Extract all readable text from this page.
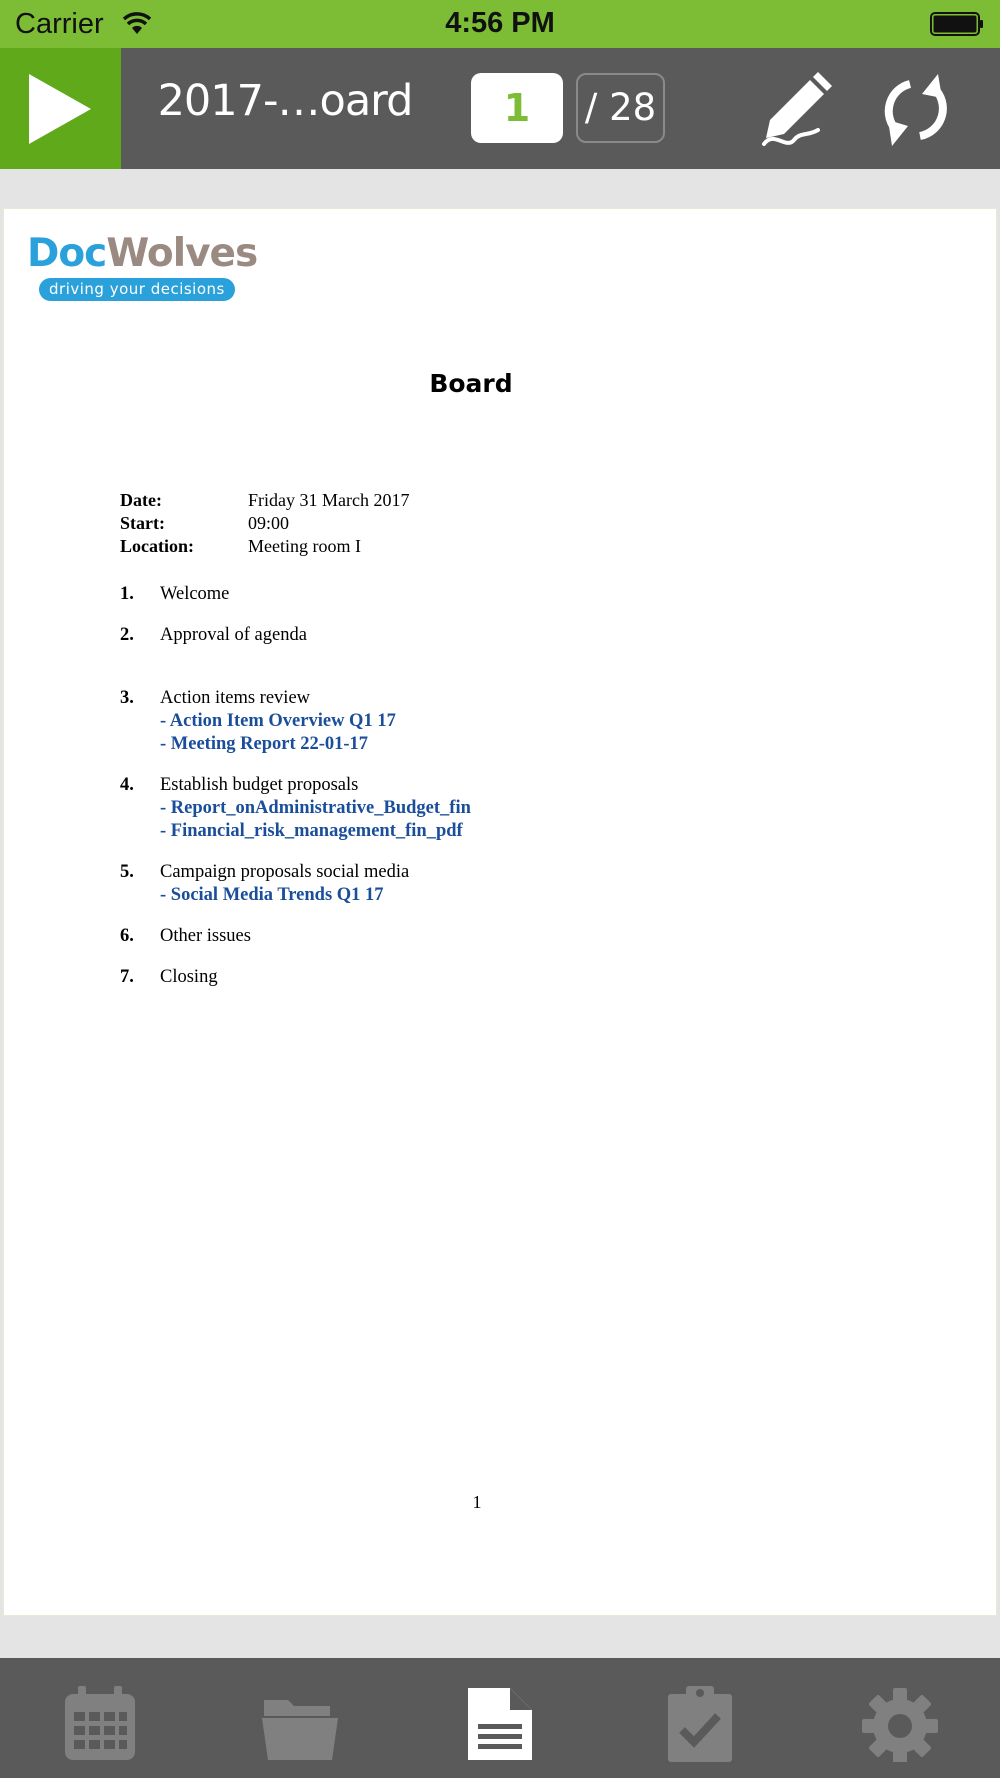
Carrier	4:56 PM
2017-…oard	1	/ 28
DocWolves
driving your decisions
Board
Date:	Friday 31 March 2017
Start:	09:00
Location:	Meeting room I
1. Welcome
2. Approval of agenda
3. Action items review
- Action Item Overview Q1 17
- Meeting Report 22-01-17
4. Establish budget proposals
- Report_onAdministrative_Budget_fin
- Financial_risk_management_fin_pdf
5. Campaign proposals social media
- Social Media Trends Q1 17
6. Other issues
7. Closing
1
